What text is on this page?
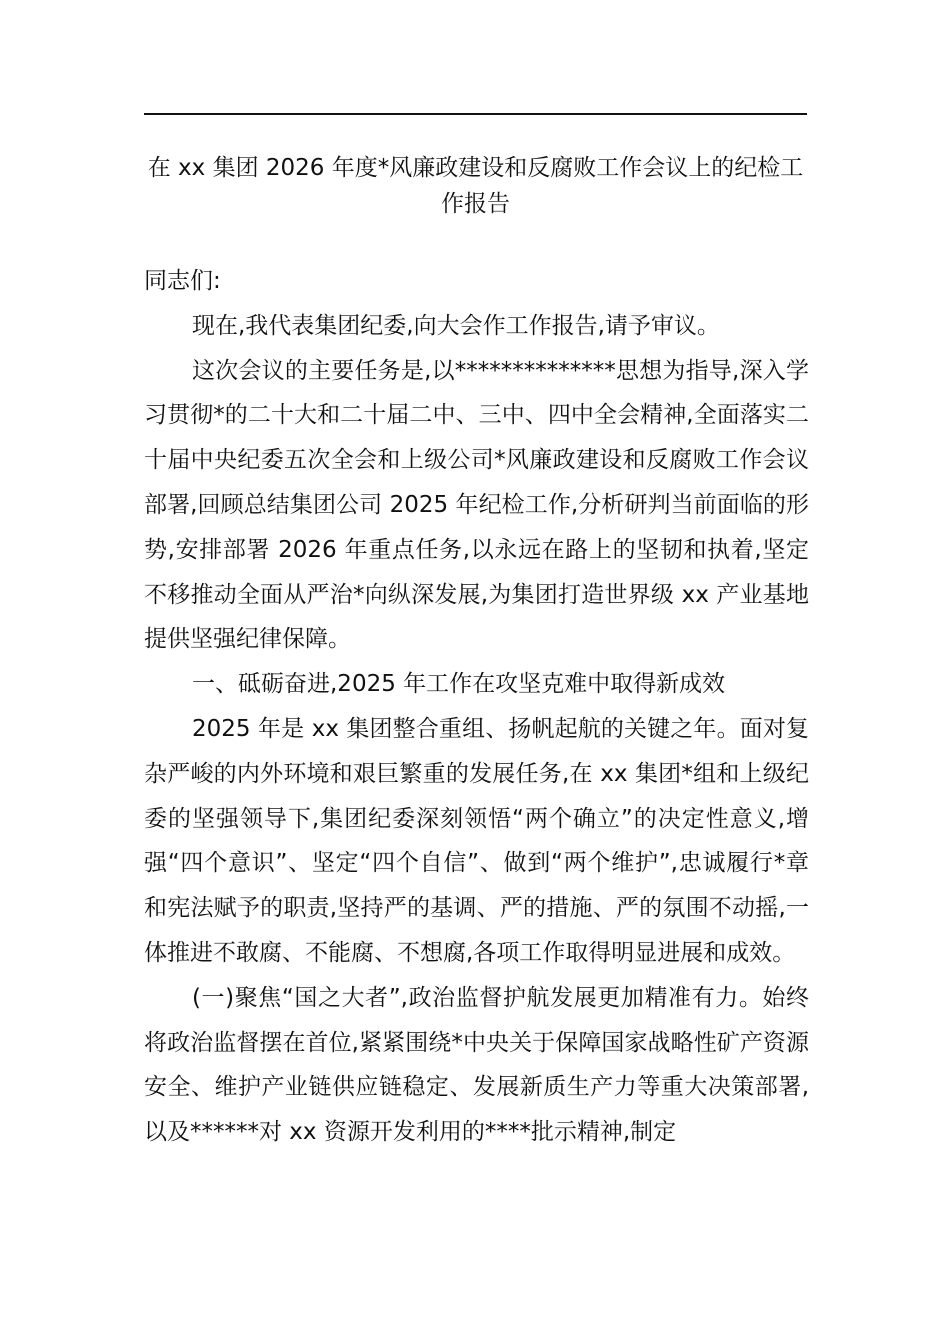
在 xx 集团 2026 年度*风廉政建设和反腐败工作会议上的纪检工作报告

同志们:

现在,我代表集团纪委,向大会作工作报告,请予审议。

这次会议的主要任务是,以**************思想为指导,深入学习贯彻*的二十大和二十届二中、三中、四中全会精神,全面落实二十届中央纪委五次全会和上级公司*风廉政建设和反腐败工作会议部署,回顾总结集团公司 2025 年纪检工作,分析研判当前面临的形势,安排部署 2026 年重点任务,以永远在路上的坚韧和执着,坚定不移推动全面从严治*向纵深发展,为集团打造世界级 xx 产业基地提供坚强纪律保障。

一、砥砺奋进,2025 年工作在攻坚克难中取得新成效

2025 年是 xx 集团整合重组、扬帆起航的关键之年。面对复杂严峻的内外环境和艰巨繁重的发展任务,在 xx 集团*组和上级纪委的坚强领导下,集团纪委深刻领悟“两个确立”的决定性意义,增强“四个意识”、坚定“四个自信”、做到“两个维护”,忠诚履行*章和宪法赋予的职责,坚持严的基调、严的措施、严的氛围不动摇,一体推进不敢腐、不能腐、不想腐,各项工作取得明显进展和成效。

(一)聚焦“国之大者”,政治监督护航发展更加精准有力。始终将政治监督摆在首位,紧紧围绕*中央关于保障国家战略性矿产资源安全、维护产业链供应链稳定、发展新质生产力等重大决策部署,以及******对 xx 资源开发利用的****批示精神,制定
